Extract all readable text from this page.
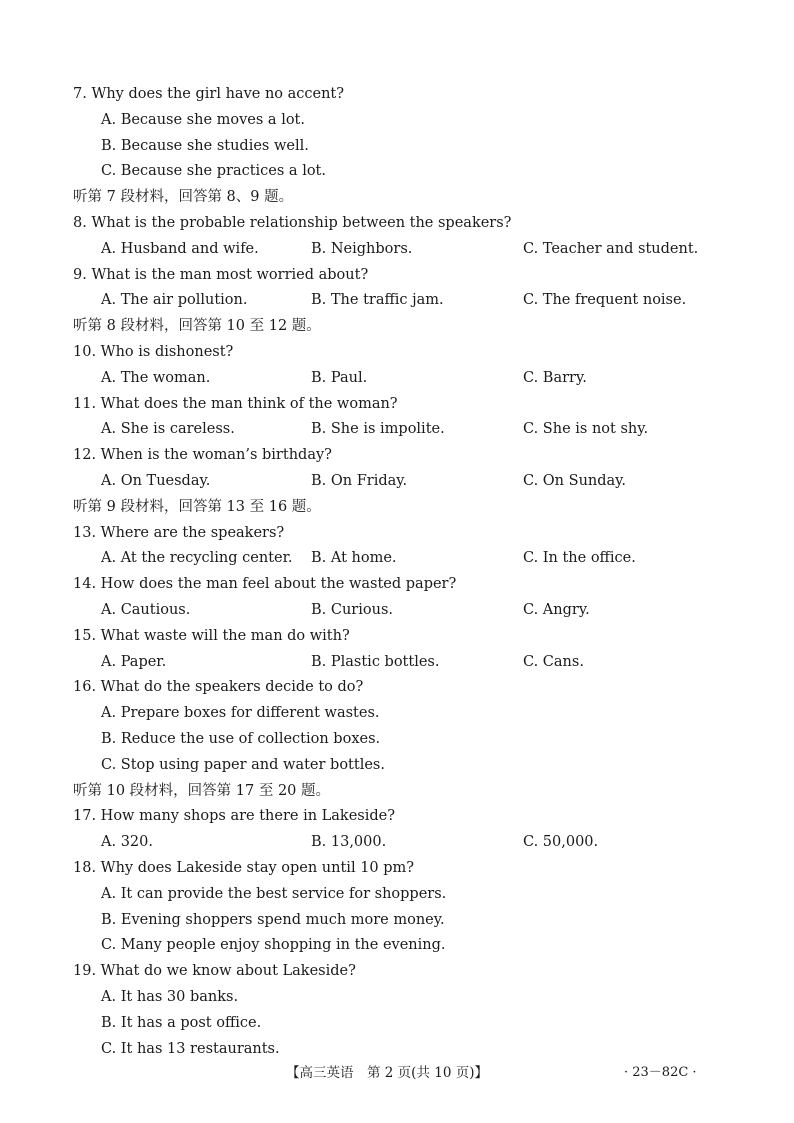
7. Why does the girl have no accent?
A. Because she moves a lot.
B. Because she studies well.
C. Because she practices a lot.
听第 7 段材料，回答第 8、9 题。
8. What is the probable relationship between the speakers?
A. Husband and wife.	B. Neighbors.	C. Teacher and student.
9. What is the man most worried about?
A. The air pollution.	B. The traffic jam.	C. The frequent noise.
听第 8 段材料，回答第 10 至 12 题。
10. Who is dishonest?
A. The woman.	B. Paul.	C. Barry.
11. What does the man think of the woman?
A. She is careless.	B. She is impolite.	C. She is not shy.
12. When is the woman’s birthday?
A. On Tuesday.	B. On Friday.	C. On Sunday.
听第 9 段材料，回答第 13 至 16 题。
13. Where are the speakers?
A. At the recycling center. B. At home.	C. In the office.
14. How does the man feel about the wasted paper?
A. Cautious.	B. Curious.	C. Angry.
15. What waste will the man do with?
A. Paper.	B. Plastic bottles.	C. Cans.
16. What do the speakers decide to do?
A. Prepare boxes for different wastes.
B. Reduce the use of collection boxes.
C. Stop using paper and water bottles.
听第 10 段材料，回答第 17 至 20 题。
17. How many shops are there in Lakeside?
A. 320.	B. 13,000.	C. 50,000.
18. Why does Lakeside stay open until 10 pm?
A. It can provide the best service for shoppers.
B. Evening shoppers spend much more money.
C. Many people enjoy shopping in the evening.
19. What do we know about Lakeside?
A. It has 30 banks.
B. It has a post office.
C. It has 13 restaurants.
【高三英语　第 2 页(共 10 页)】	· 23－82C ·
